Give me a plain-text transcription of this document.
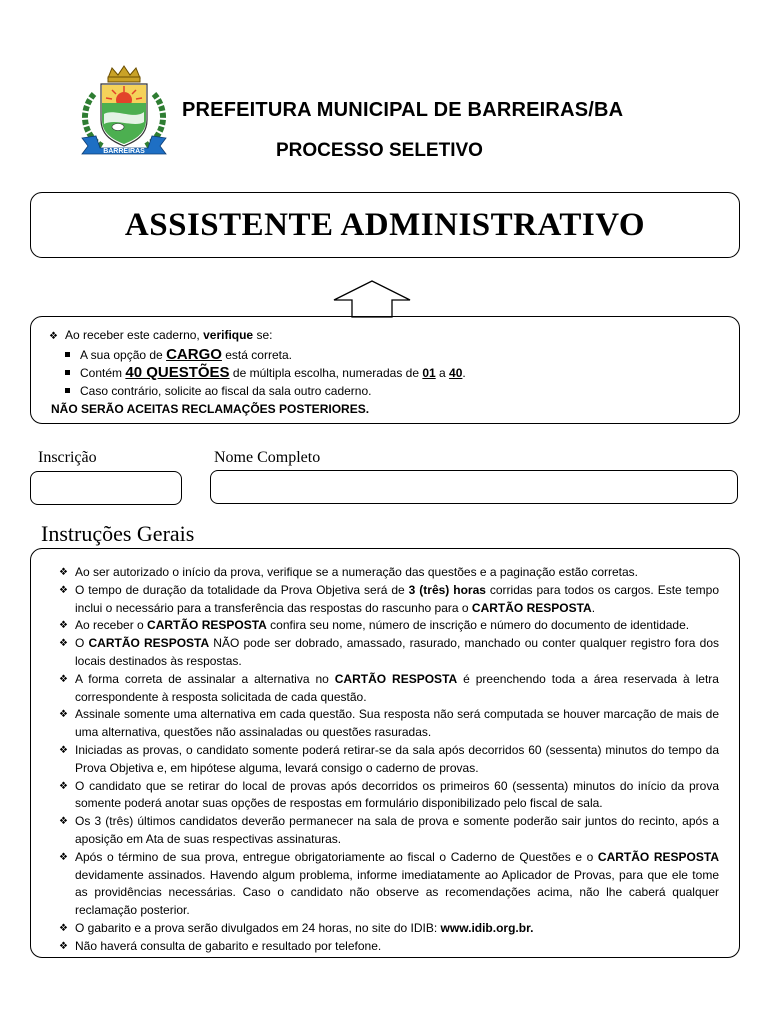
BARREIRAS
PREFEITURA MUNICIPAL DE BARREIRAS/BA
PROCESSO SELETIVO
ASSISTENTE ADMINISTRATIVO
❖ Ao receber este caderno, verifique se:
A sua opção de CARGO está correta.
Contém 40 QUESTÕES de múltipla escolha, numeradas de 01 a 40.
Caso contrário, solicite ao fiscal da sala outro caderno.
NÃO SERÃO ACEITAS RECLAMAÇÕES POSTERIORES.
Inscrição	Nome Completo
Instruções Gerais
❖ Ao ser autorizado o início da prova, verifique se a numeração das questões e a paginação estão corretas.
❖ O tempo de duração da totalidade da Prova Objetiva será de 3 (três) horas corridas para todos os cargos. Este tempo inclui o necessário para a transferência das respostas do rascunho para o CARTÃO RESPOSTA.
❖ Ao receber o CARTÃO RESPOSTA confira seu nome, número de inscrição e número do documento de identidade.
❖ O CARTÃO RESPOSTA NÃO pode ser dobrado, amassado, rasurado, manchado ou conter qualquer registro fora dos locais destinados às respostas.
❖ A forma correta de assinalar a alternativa no CARTÃO RESPOSTA é preenchendo toda a área reservada à letra correspondente à resposta solicitada de cada questão.
❖ Assinale somente uma alternativa em cada questão. Sua resposta não será computada se houver marcação de mais de uma alternativa, questões não assinaladas ou questões rasuradas.
❖ Iniciadas as provas, o candidato somente poderá retirar-se da sala após decorridos 60 (sessenta) minutos do tempo da Prova Objetiva e, em hipótese alguma, levará consigo o caderno de provas.
❖ O candidato que se retirar do local de provas após decorridos os primeiros 60 (sessenta) minutos do início da prova somente poderá anotar suas opções de respostas em formulário disponibilizado pelo fiscal de sala.
❖ Os 3 (três) últimos candidatos deverão permanecer na sala de prova e somente poderão sair juntos do recinto, após a aposição em Ata de suas respectivas assinaturas.
❖ Após o término de sua prova, entregue obrigatoriamente ao fiscal o Caderno de Questões e o CARTÃO RESPOSTA devidamente assinados. Havendo algum problema, informe imediatamente ao Aplicador de Provas, para que ele tome as providências necessárias. Caso o candidato não observe as recomendações acima, não lhe caberá qualquer reclamação posterior.
❖ O gabarito e a prova serão divulgados em 24 horas, no site do IDIB: www.idib.org.br.
❖ Não haverá consulta de gabarito e resultado por telefone.
